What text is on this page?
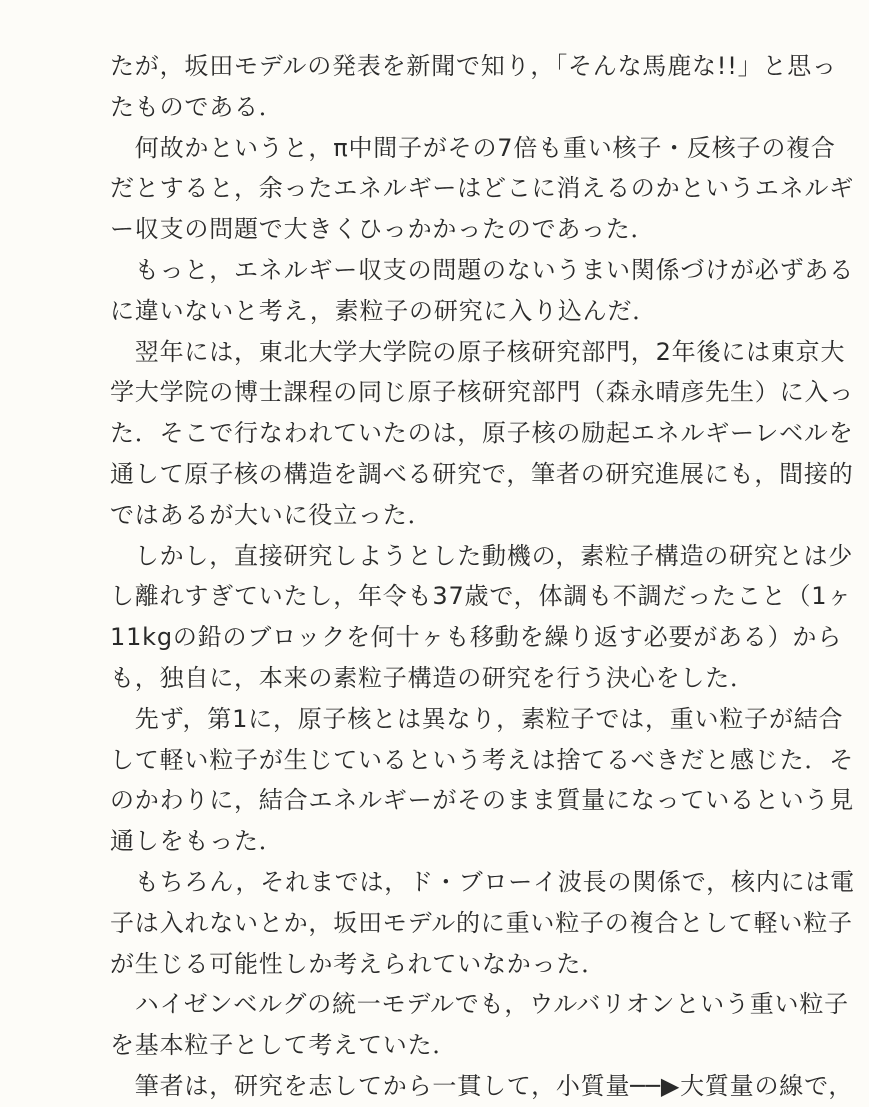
たが，坂田モデルの発表を新聞で知り，「そんな馬鹿な!!」と思っ
たものである．
　何故かというと，π中間子がその7倍も重い核子・反核子の複合
だとすると，余ったエネルギーはどこに消えるのかというエネルギ
ー収支の問題で大きくひっかかったのであった．
　もっと，エネルギー収支の問題のないうまい関係づけが必ずある
に違いないと考え，素粒子の研究に入り込んだ．
　翌年には，東北大学大学院の原子核研究部門，2年後には東京大
学大学院の博士課程の同じ原子核研究部門（森永晴彦先生）に入っ
た．そこで行なわれていたのは，原子核の励起エネルギーレベルを
通して原子核の構造を調べる研究で，筆者の研究進展にも，間接的
ではあるが大いに役立った．
　しかし，直接研究しようとした動機の，素粒子構造の研究とは少
し離れすぎていたし，年令も37歳で，体調も不調だったこと（1ヶ
11kgの鉛のブロックを何十ヶも移動を繰り返す必要がある）から
も，独自に，本来の素粒子構造の研究を行う決心をした．
　先ず，第1に，原子核とは異なり，素粒子では，重い粒子が結合
して軽い粒子が生じているという考えは捨てるべきだと感じた．そ
のかわりに，結合エネルギーがそのまま質量になっているという見
通しをもった．
　もちろん，それまでは，ド・ブローイ波長の関係で，核内には電
子は入れないとか，坂田モデル的に重い粒子の複合として軽い粒子
が生じる可能性しか考えられていなかった．
　ハイゼンベルグの統一モデルでも，ウルバリオンという重い粒子
を基本粒子として考えていた．
　筆者は，研究を志してから一貫して，小質量──▶大質量の線で，
